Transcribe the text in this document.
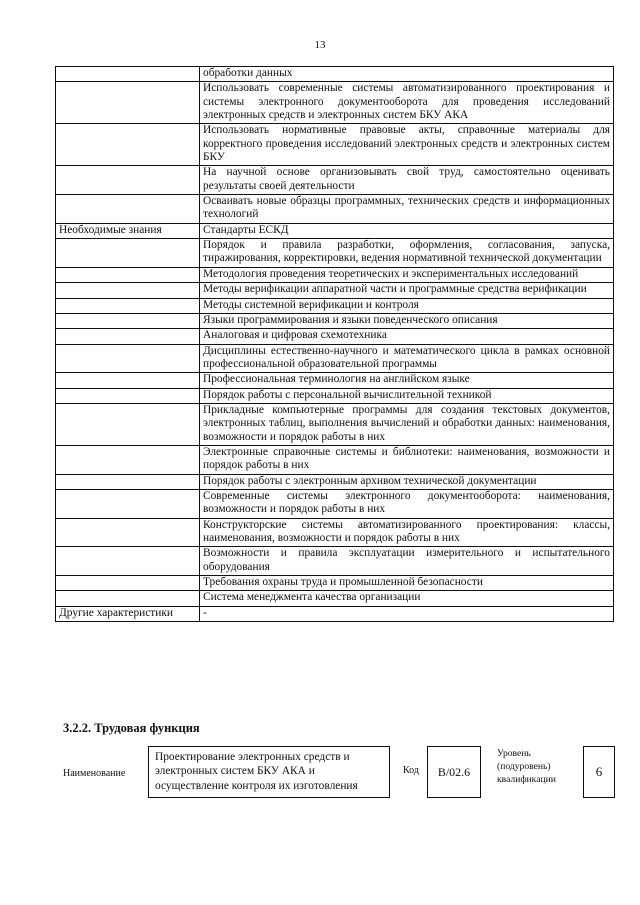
13
	обработки данных
	Использовать современные системы автоматизированного проектирования и системы электронного документооборота для проведения исследований электронных средств и электронных систем БКУ АКА
	Использовать нормативные правовые акты, справочные материалы для корректного проведения исследований электронных средств и электронных систем БКУ
	На научной основе организовывать свой труд, самостоятельно оценивать результаты своей деятельности
	Осваивать новые образцы программных, технических средств и информационных технологий
Необходимые знания	Стандарты ЕСКД
	Порядок и правила разработки, оформления, согласования, запуска, тиражирования, корректировки, ведения нормативной технической документации
	Методология проведения теоретических и экспериментальных исследований
	Методы верификации аппаратной части и программные средства верификации
	Методы системной верификации и контроля
	Языки программирования и языки поведенческого описания
	Аналоговая и цифровая схемотехника
	Дисциплины естественно-научного и математического цикла в рамках основной профессиональной образовательной программы
	Профессиональная терминология на английском языке
	Порядок работы с персональной вычислительной техникой
	Прикладные компьютерные программы для создания текстовых документов, электронных таблиц, выполнения вычислений и обработки данных: наименования, возможности и порядок работы в них
	Электронные справочные системы и библиотеки: наименования, возможности и порядок работы в них
	Порядок работы с электронным архивом технической документации
	Современные системы электронного документооборота: наименования, возможности и порядок работы в них
	Конструкторские системы автоматизированного проектирования: классы, наименования, возможности и порядок работы в них
	Возможности и правила эксплуатации измерительного и испытательного оборудования
	Требования охраны труда и промышленной безопасности
	Система менеджмента качества организации
Другие характеристики	-
3.2.2. Трудовая функция
Наименование
Проектирование электронных средств и электронных систем БКУ АКА и осуществление контроля их изготовления
Код	B/02.6
Уровень (подуровень) квалификации
6
